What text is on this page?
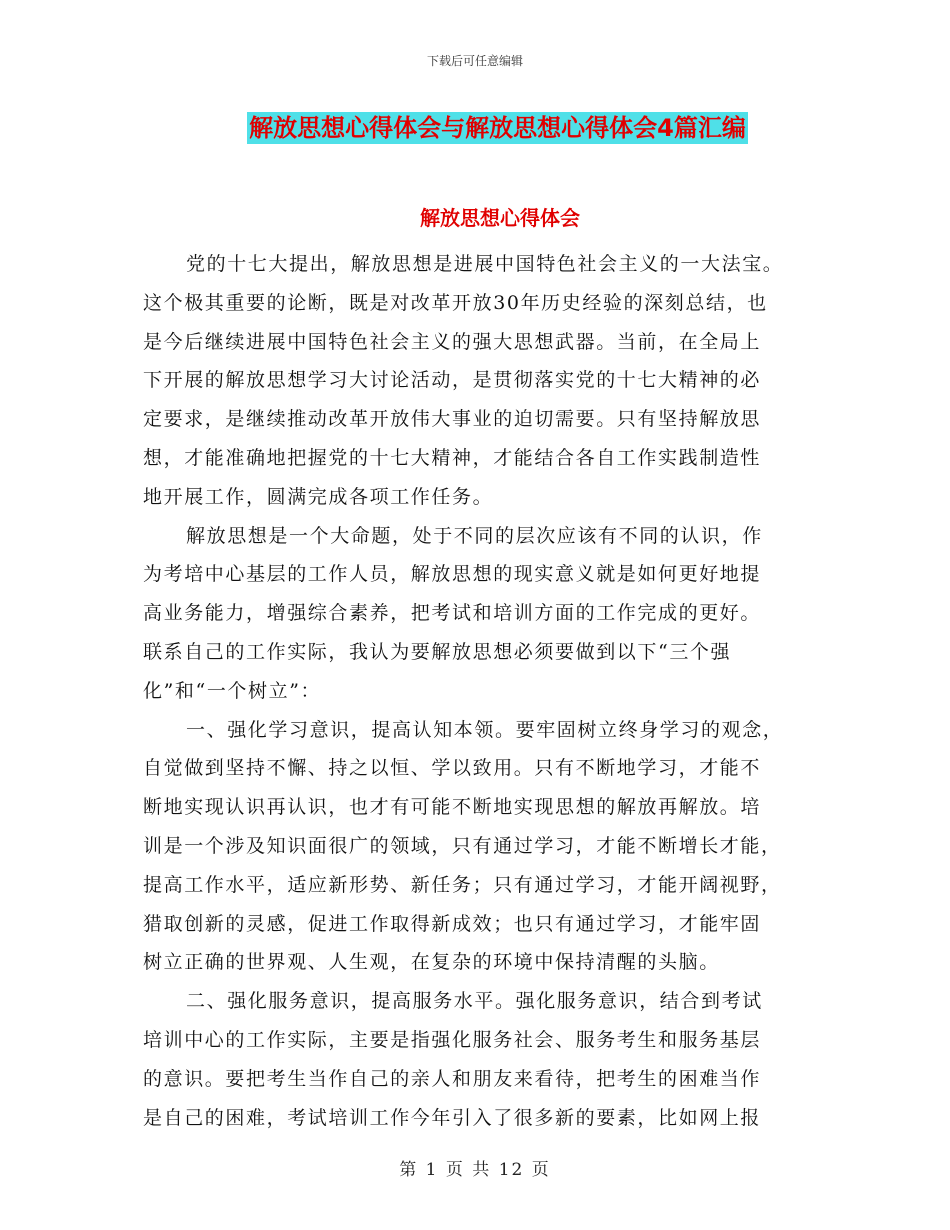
下载后可任意编辑
解放思想心得体会与解放思想心得体会4篇汇编
解放思想心得体会

党的十七大提出，解放思想是进展中国特色社会主义的一大法宝。
这个极其重要的论断，既是对改革开放30年历史经验的深刻总结，也
是今后继续进展中国特色社会主义的强大思想武器。当前，在全局上
下开展的解放思想学习大讨论活动，是贯彻落实党的十七大精神的必
定要求，是继续推动改革开放伟大事业的迫切需要。只有坚持解放思
想，才能准确地把握党的十七大精神，才能结合各自工作实践制造性
地开展工作，圆满完成各项工作任务。

解放思想是一个大命题，处于不同的层次应该有不同的认识，作
为考培中心基层的工作人员，解放思想的现实意义就是如何更好地提
高业务能力，增强综合素养，把考试和培训方面的工作完成的更好。
联系自己的工作实际，我认为要解放思想必须要做到以下“三个强
化”和“一个树立”：

一、强化学习意识，提高认知本领。要牢固树立终身学习的观念，
自觉做到坚持不懈、持之以恒、学以致用。只有不断地学习，才能不
断地实现认识再认识，也才有可能不断地实现思想的解放再解放。培
训是一个涉及知识面很广的领域，只有通过学习，才能不断增长才能，
提高工作水平，适应新形势、新任务；只有通过学习，才能开阔视野，
猎取创新的灵感，促进工作取得新成效；也只有通过学习，才能牢固
树立正确的世界观、人生观，在复杂的环境中保持清醒的头脑。

二、强化服务意识，提高服务水平。强化服务意识，结合到考试
培训中心的工作实际，主要是指强化服务社会、服务考生和服务基层
的意识。要把考生当作自己的亲人和朋友来看待，把考生的困难当作
是自己的困难，考试培训工作今年引入了很多新的要素，比如网上报

第 1 页 共 12 页
